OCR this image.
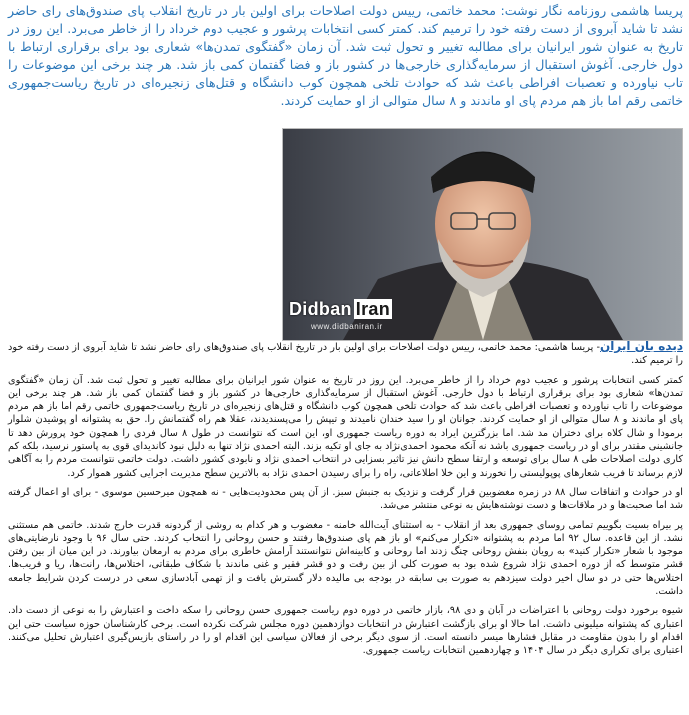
پریسا هاشمی روزنامه نگار نوشت: محمد خاتمی، رییس دولت اصلاحات برای اولین بار در تاریخ انقلاب پای صندوق‌های رای حاضر نشد تا شاید آبروی از دست رفته خود را ترمیم کند. کمتر کسی انتخابات پرشور و عجیب دوم خرداد را از خاطر می‌برد. این روز در تاریخ به عنوان شور ایرانیان برای مطالبه تغییر و تحول ثبت شد. آن زمان «گفتگوی تمدن‌ها» شعاری بود برای برقراری ارتباط با دول خارجی. آغوش استقبال از سرمایه‌گذاری خارجی‌ها در کشور باز و فضا گفتمان کمی باز شد. هر چند برخی این موضوعات را تاب نیاورده و تعصبات افراطی باعث شد که حوادث تلخی همچون کوب دانشگاه و قتل‌های زنجیره‌ای در تاریخ ریاست‌جمهوری خاتمی رقم اما باز هم مردم پای او ماندند و ۸ سال متوالی از او حمایت کردند.
Didban Iran
www.didbaniran.ir

دیده بان ایران- پریسا هاشمی: محمد خاتمی، رییس دولت اصلاحات برای اولین بار در تاریخ انقلاب پای صندوق‌های رای حاضر نشد تا شاید آبروی از دست رفته خود را ترمیم کند.

کمتر کسی انتخابات پرشور و عجیب دوم خرداد را از خاطر می‌برد. این روز در تاریخ به عنوان شور ایرانیان برای مطالبه تغییر و تحول ثبت شد. آن زمان «گفتگوی تمدن‌ها» شعاری بود برای برقراری ارتباط با دول خارجی. آغوش استقبال از سرمایه‌گذاری خارجی‌ها در کشور باز و فضا گفتمان کمی باز شد. هر چند برخی این موضوعات را تاب نیاورده و تعصبات افراطی باعث شد که حوادث تلخی همچون کوب دانشگاه و قتل‌های زنجیره‌ای در تاریخ ریاست‌جمهوری خاتمی رقم اما باز هم مردم پای او ماندند و ۸ سال متوالی از او حمایت کردند. جوانان او را سید خندان نامیدند و تیپش را می‌پسندیدند، عقلا هم راه گفتمانش را. حق به پشتوانه او پوشیدن شلوار برمودا و شال کلاه برای دختران مد شد. اما بزرگترین ایراد به دوره ریاست جمهوری او، این است که نتوانست در طول ۸ سال فردی را همچون خود پرورش دهد تا جانشینی مقتدر برای او در ریاست جمهوری باشد نه آنکه محمود احمدی‌نژاد به جای او تکیه بزند. البته احمدی نژاد تنها به دلیل نبود کاندیدای قوی به پاستور نرسید، بلکه کم کاری دولت اصلاحات طی ۸ سال برای توسعه و ارتقا سطح دانش نیز تاثیر بسزایی در انتخاب احمدی نژاد و نابودی کشور داشت. دولت خاتمی نتوانست مردم را به آگاهی لازم برساند تا فریب شعارهای پوپولیستی را نخورند و این خلا اطلاعاتی، راه را برای رسیدن احمدی نژاد به بالاترین سطح مدیریت اجرایی کشور هموار کرد.

او در حوادث و اتفاقات سال ۸۸ در زمره مغضوبین قرار گرفت و نزدیک به جنبش سبز. از آن پس محدودیت‌هایی - نه همچون میرحسین موسوی - برای او اعمال گرفته شد اما صحبت‌ها و در ملاقات‌ها و دست نوشته‌هایش به نوعی منتشر می‌شد.

پر بیراه بسیت بگوییم تمامی روسای جمهوری بعد از انقلاب - به استثنای آیت‌الله خامنه - مغضوب و هر کدام به روشی از گردونه قدرت خارج شدند. خاتمی هم مستثنی نشد. از این قاعده. سال ۹۲ اما مردم به پشتوانه «تکرار می‌کنم» او باز هم پای صندوق‌ها رفتند و حسن روحانی را انتخاب کردند. حتی سال ۹۶ با وجود نارضایتی‌های موجود با شعار «تکرار کنید» به رویان بنفش روحانی چنگ زدند اما روحانی و کابینه‌اش نتوانستند آرامش خاطری برای مردم به ارمغان بیاورند. در این میان از بین رفتن قشر متوسط که از دوره احمدی نژاد شروع شده بود به صورت کلی از بین رفت و دو قشر فقیر و غنی ماندند با شکاف طبقاتی، اختلاس‌ها، رانت‌ها، ریا و فریب‌ها. اختلاس‌ها حتی در دو سال اخیر دولت سیزدهم به صورت بی سابقه در بودجه بی مالیده دلار گسترش یافت و از تهمی آبادسازی سعی در درست کردن شرایط جامعه داشت.

شیوه برخورد دولت روحانی با اعتراضات در آبان و دی ۹۸، بازار خاتمی در دوره دوم ریاست جمهوری حسن روحانی را سکه داخت و اعتبارش را به نوعی از دست داد. اعتباری که پشتوانه میلیونی داشت. اما حالا او برای بازگشت اعتبارش در انتخابات دوازدهمین دوره مجلس شرکت نکرده است. برخی کارشناسان حوزه سیاست حتی این اقدام او را بدون مقاومت در مقابل فشارها میسر دانسته است. از سوی دیگر برخی از فعالان سیاسی این اقدام او را در راستای بازیس‌گیری اعتبارش تحلیل می‌کنند. اعتباری برای تکراری دیگر در سال ۱۴۰۴ و چهاردهمین انتخابات ریاست جمهوری.
